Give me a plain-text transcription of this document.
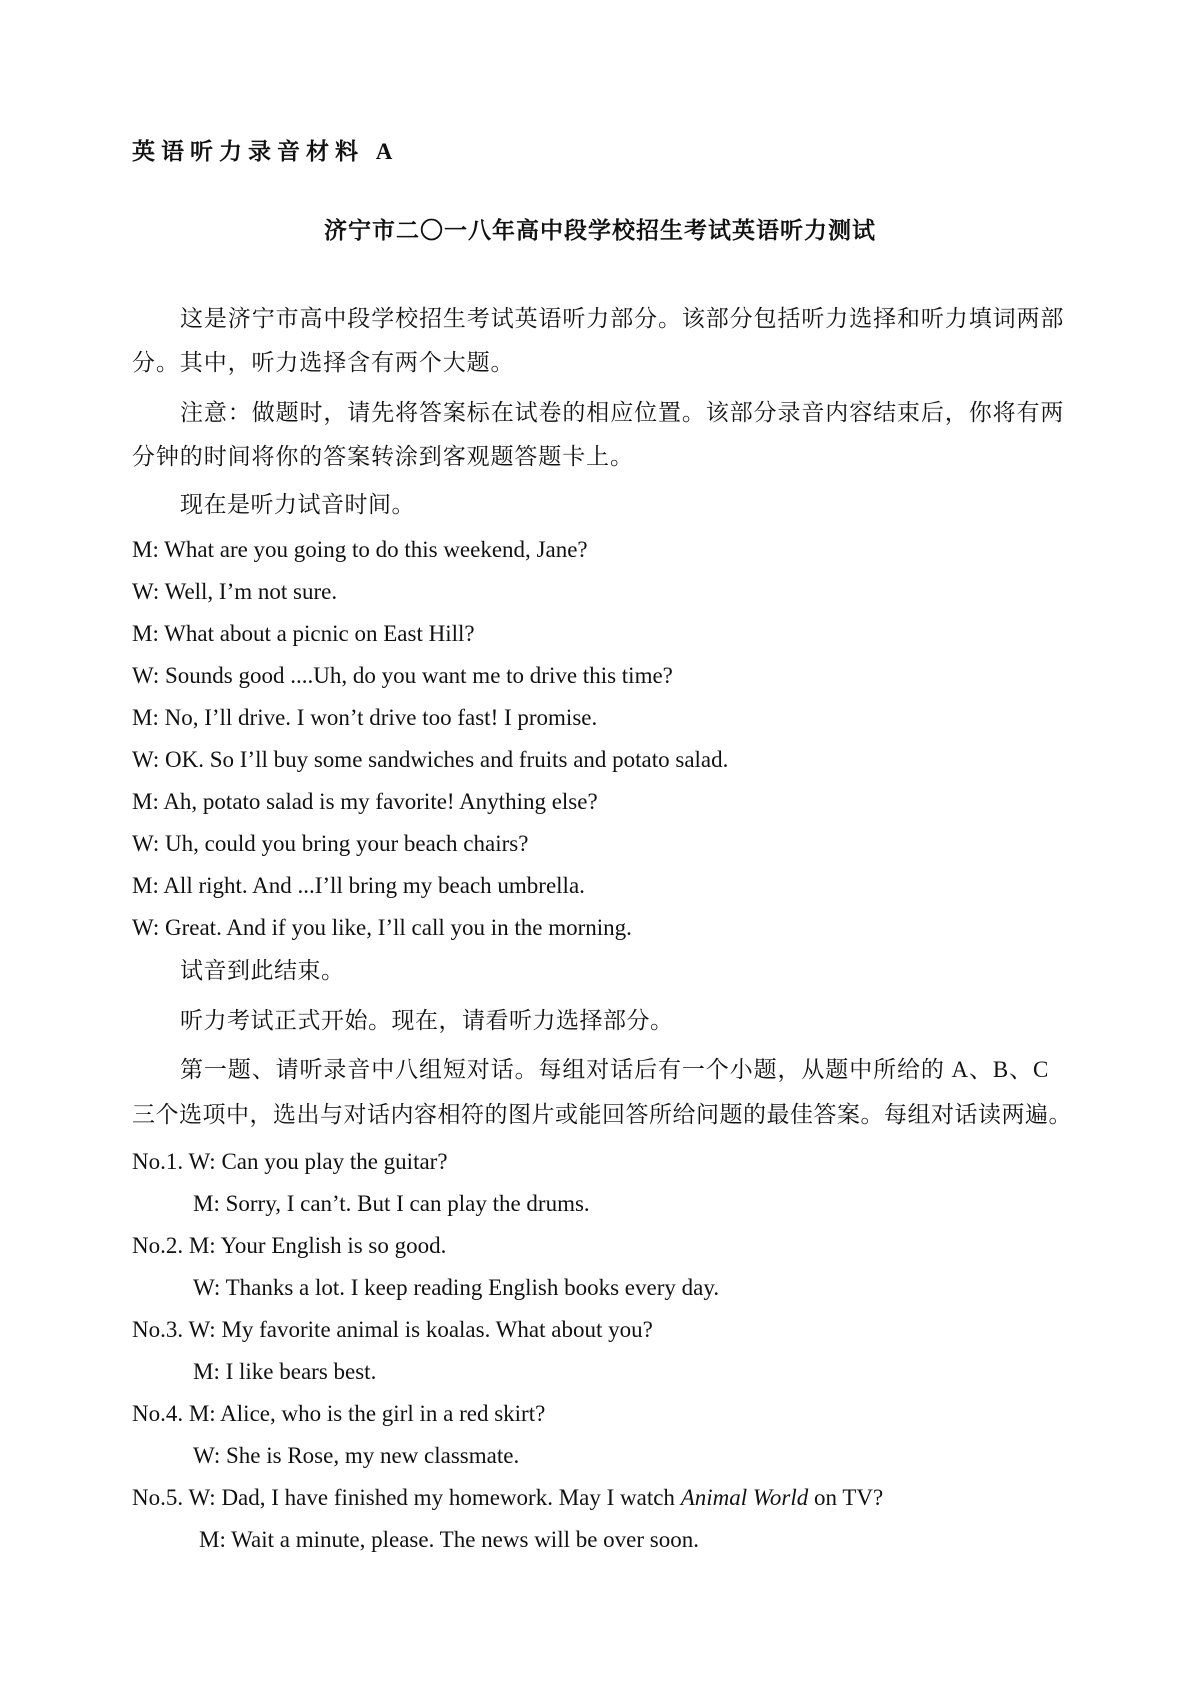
英语听力录音材料 A
济宁市二〇一八年高中段学校招生考试英语听力测试
这是济宁市高中段学校招生考试英语听力部分。该部分包括听力选择和听力填词两部
分。其中，听力选择含有两个大题。
注意：做题时，请先将答案标在试卷的相应位置。该部分录音内容结束后，你将有两
分钟的时间将你的答案转涂到客观题答题卡上。
现在是听力试音时间。
M: What are you going to do this weekend, Jane?
W: Well, I’m not sure.
M: What about a picnic on East Hill?
W: Sounds good ....Uh, do you want me to drive this time?
M: No, I’ll drive. I won’t drive too fast! I promise.
W: OK. So I’ll buy some sandwiches and fruits and potato salad.
M: Ah, potato salad is my favorite! Anything else?
W: Uh, could you bring your beach chairs?
M: All right. And ...I’ll bring my beach umbrella.
W: Great. And if you like, I’ll call you in the morning.
试音到此结束。
听力考试正式开始。现在，请看听力选择部分。
第一题、请听录音中八组短对话。每组对话后有一个小题，从题中所给的 A、B、C
三个选项中，选出与对话内容相符的图片或能回答所给问题的最佳答案。每组对话读两遍。
No.1. W: Can you play the guitar?
M: Sorry, I can’t. But I can play the drums.
No.2. M: Your English is so good.
W: Thanks a lot. I keep reading English books every day.
No.3. W: My favorite animal is koalas. What about you?
M: I like bears best.
No.4. M: Alice, who is the girl in a red skirt?
W: She is Rose, my new classmate.
No.5. W: Dad, I have finished my homework. May I watch Animal World on TV?
M: Wait a minute, please. The news will be over soon.
